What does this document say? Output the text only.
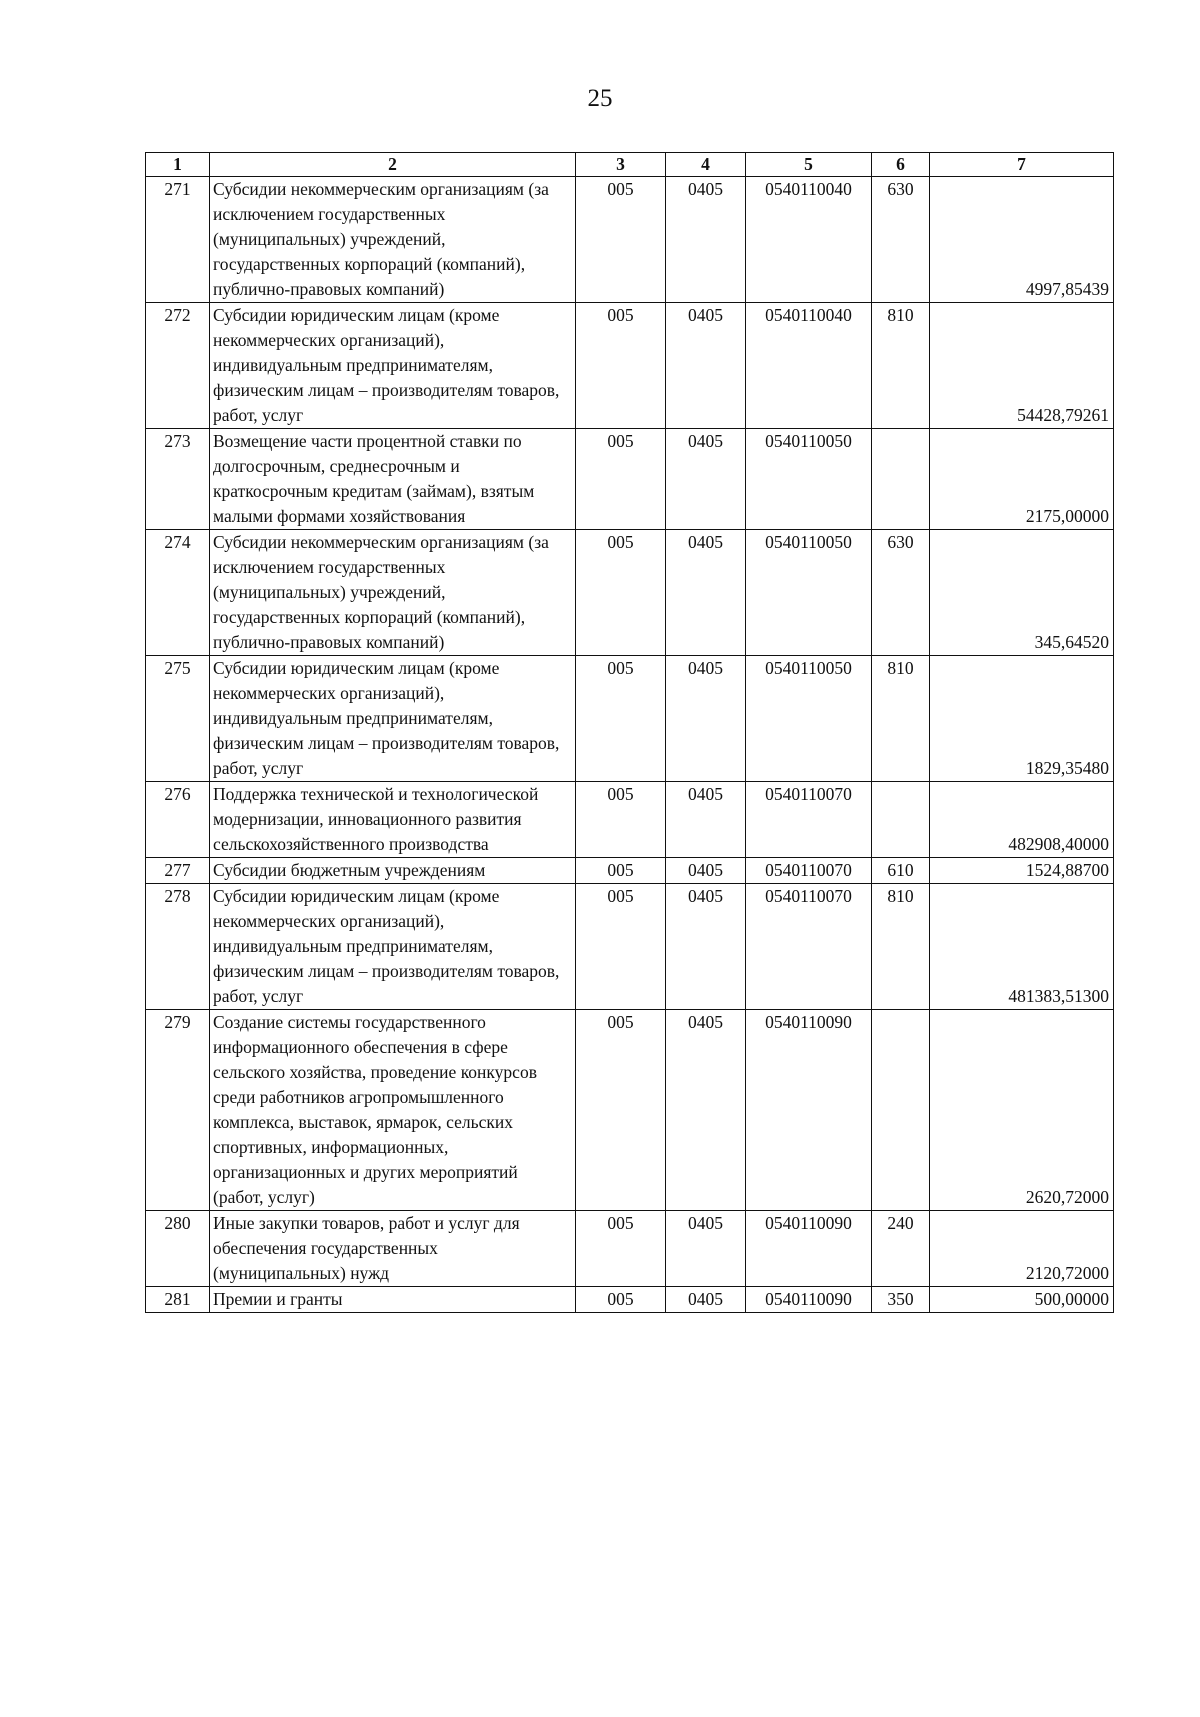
25
1	2	3	4	5	6	7
271	Субсидии некоммерческим организациям (за исключением государственных (муниципальных) учреждений, государственных корпораций (компаний), публично-правовых компаний)	005	0405	0540110040	630	4997,85439
272	Субсидии юридическим лицам (кроме некоммерческих организаций), индивидуальным предпринимателям, физическим лицам – производителям товаров, работ, услуг	005	0405	0540110040	810	54428,79261
273	Возмещение части процентной ставки по долгосрочным, среднесрочным и краткосрочным кредитам (займам), взятым малыми формами хозяйствования	005	0405	0540110050		2175,00000
274	Субсидии некоммерческим организациям (за исключением государственных (муниципальных) учреждений, государственных корпораций (компаний), публично-правовых компаний)	005	0405	0540110050	630	345,64520
275	Субсидии юридическим лицам (кроме некоммерческих организаций), индивидуальным предпринимателям, физическим лицам – производителям товаров, работ, услуг	005	0405	0540110050	810	1829,35480
276	Поддержка технической и технологической модернизации, инновационного развития сельскохозяйственного производства	005	0405	0540110070		482908,40000
277	Субсидии бюджетным учреждениям	005	0405	0540110070	610	1524,88700
278	Субсидии юридическим лицам (кроме некоммерческих организаций), индивидуальным предпринимателям, физическим лицам – производителям товаров, работ, услуг	005	0405	0540110070	810	481383,51300
279	Создание системы государственного информационного обеспечения в сфере сельского хозяйства, проведение конкурсов среди работников агропромышленного комплекса, выставок, ярмарок, сельских спортивных, информационных, организационных и других мероприятий (работ, услуг)	005	0405	0540110090		2620,72000
280	Иные закупки товаров, работ и услуг для обеспечения государственных (муниципальных) нужд	005	0405	0540110090	240	2120,72000
281	Премии и гранты	005	0405	0540110090	350	500,00000
